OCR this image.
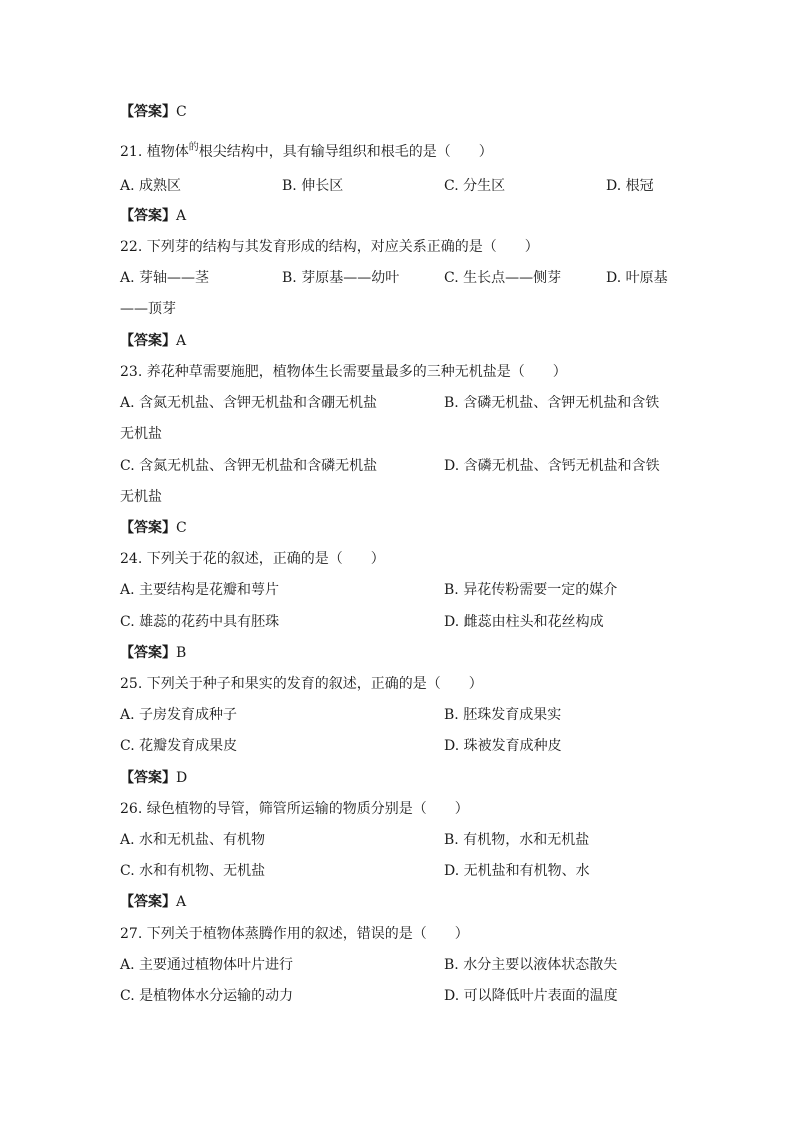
【答案】C
21. 植物体$^的$根尖结构中，具有输导组织和根毛的是（　　）
A. 成熟区	B. 伸长区	C. 分生区	D. 根冠
【答案】A
22. 下列芽的结构与其发育形成的结构，对应关系正确的是（　　）
A. 芽轴——茎	B. 芽原基——幼叶	C. 生长点——侧芽	D. 叶原基
——顶芽
【答案】A
23. 养花种草需要施肥，植物体生长需要量最多的三种无机盐是（　　）
A. 含氮无机盐、含钾无机盐和含硼无机盐	B. 含磷无机盐、含钾无机盐和含铁
无机盐
C. 含氮无机盐、含钾无机盐和含磷无机盐	D. 含磷无机盐、含钙无机盐和含铁
无机盐
【答案】C
24. 下列关于花的叙述，正确的是（　　）
A. 主要结构是花瓣和萼片	B. 异花传粉需要一定的媒介
C. 雄蕊的花药中具有胚珠	D. 雌蕊由柱头和花丝构成
【答案】B
25. 下列关于种子和果实的发育的叙述，正确的是（　　）
A. 子房发育成种子	B. 胚珠发育成果实
C. 花瓣发育成果皮	D. 珠被发育成种皮
【答案】D
26. 绿色植物的导管，筛管所运输的物质分别是（　　）
A. 水和无机盐、有机物	B. 有机物，水和无机盐
C. 水和有机物、无机盐	D. 无机盐和有机物、水
【答案】A
27. 下列关于植物体蒸腾作用的叙述，错误的是（　　）
A. 主要通过植物体叶片进行	B. 水分主要以液体状态散失
C. 是植物体水分运输的动力	D. 可以降低叶片表面的温度
